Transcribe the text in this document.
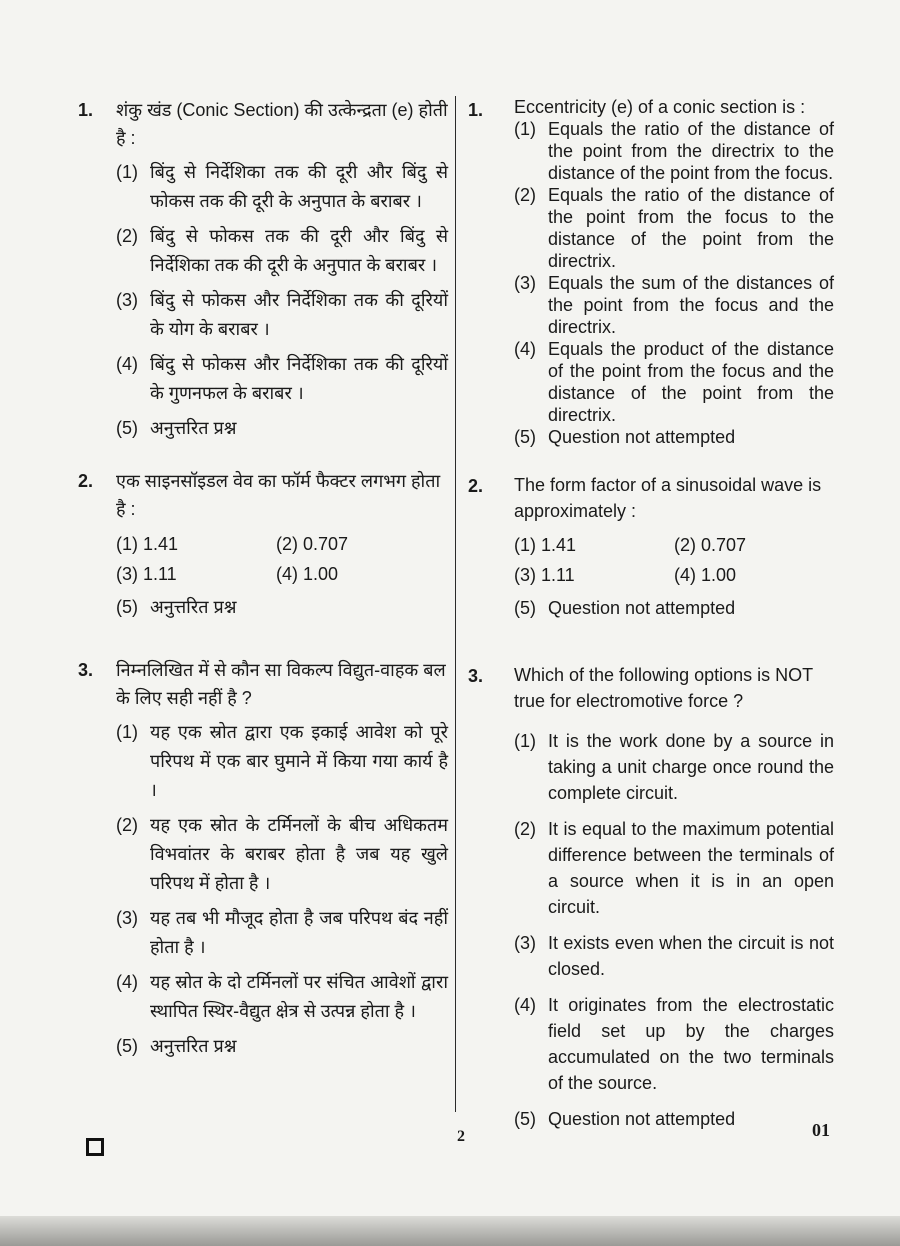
1. शंकु खंड (Conic Section) की उत्केन्द्रता (e) होती है :

(1) बिंदु से निर्देशिका तक की दूरी और बिंदु से फोकस तक की दूरी के अनुपात के बराबर ।
(2) बिंदु से फोकस तक की दूरी और बिंदु से निर्देशिका तक की दूरी के अनुपात के बराबर ।
(3) बिंदु से फोकस और निर्देशिका तक की दूरियों के योग के बराबर ।
(4) बिंदु से फोकस और निर्देशिका तक की दूरियों के गुणनफल के बराबर ।
(5) अनुत्तरित प्रश्न
2. एक साइनसॉइडल वेव का फॉर्म फैक्टर लगभग होता है :

(1) 1.41	(2) 0.707
(3) 1.11	(4) 1.00
(5) अनुत्तरित प्रश्न
3. निम्नलिखित में से कौन सा विकल्प विद्युत-वाहक बल के लिए सही नहीं है ?

(1) यह एक स्रोत द्वारा एक इकाई आवेश को पूरे परिपथ में एक बार घुमाने में किया गया कार्य है ।
(2) यह एक स्रोत के टर्मिनलों के बीच अधिकतम विभवांतर के बराबर होता है जब यह खुले परिपथ में होता है ।
(3) यह तब भी मौजूद होता है जब परिपथ बंद नहीं होता है ।
(4) यह स्रोत के दो टर्मिनलों पर संचित आवेशों द्वारा स्थापित स्थिर-वैद्युत क्षेत्र से उत्पन्न होता है ।
(5) अनुत्तरित प्रश्न
1. Eccentricity (e) of a conic section is :

(1) Equals the ratio of the distance of the point from the directrix to the distance of the point from the focus.
(2) Equals the ratio of the distance of the point from the focus to the distance of the point from the directrix.
(3) Equals the sum of the distances of the point from the focus and the directrix.
(4) Equals the product of the distance of the point from the focus and the distance of the point from the directrix.
(5) Question not attempted
2. The form factor of a sinusoidal wave is approximately :

(1) 1.41	(2) 0.707
(3) 1.11	(4) 1.00
(5) Question not attempted
3. Which of the following options is NOT true for electromotive force ?

(1) It is the work done by a source in taking a unit charge once round the complete circuit.
(2) It is equal to the maximum potential difference between the terminals of a source when it is in an open circuit.
(3) It exists even when the circuit is not closed.
(4) It originates from the electrostatic field set up by the charges accumulated on the two terminals of the source.
(5) Question not attempted
2	01
